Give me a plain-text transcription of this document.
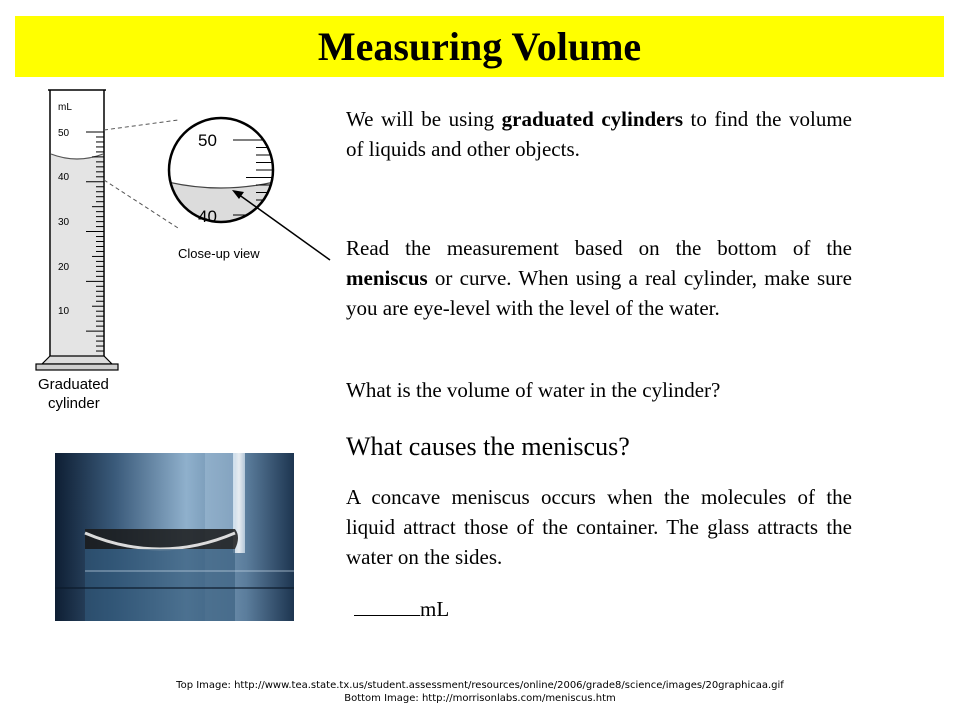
Measuring Volume
mL
50
40
30
20
10
50
40
Close-up view
Graduated
cylinder
We will be using graduated cylinders to find the volume of liquids and other objects.
Read the measurement based on the bottom of the meniscus or curve. When using a real cylinder, make sure you are eye-level with the level of the water.
What is the volume of water in the cylinder?
What causes the meniscus?
A concave meniscus occurs when the molecules of the liquid attract those of the container. The glass attracts the water on the sides.
mL
Top Image: http://www.tea.state.tx.us/student.assessment/resources/online/2006/grade8/science/images/20graphicaa.gif
Bottom Image: http://morrisonlabs.com/meniscus.htm
